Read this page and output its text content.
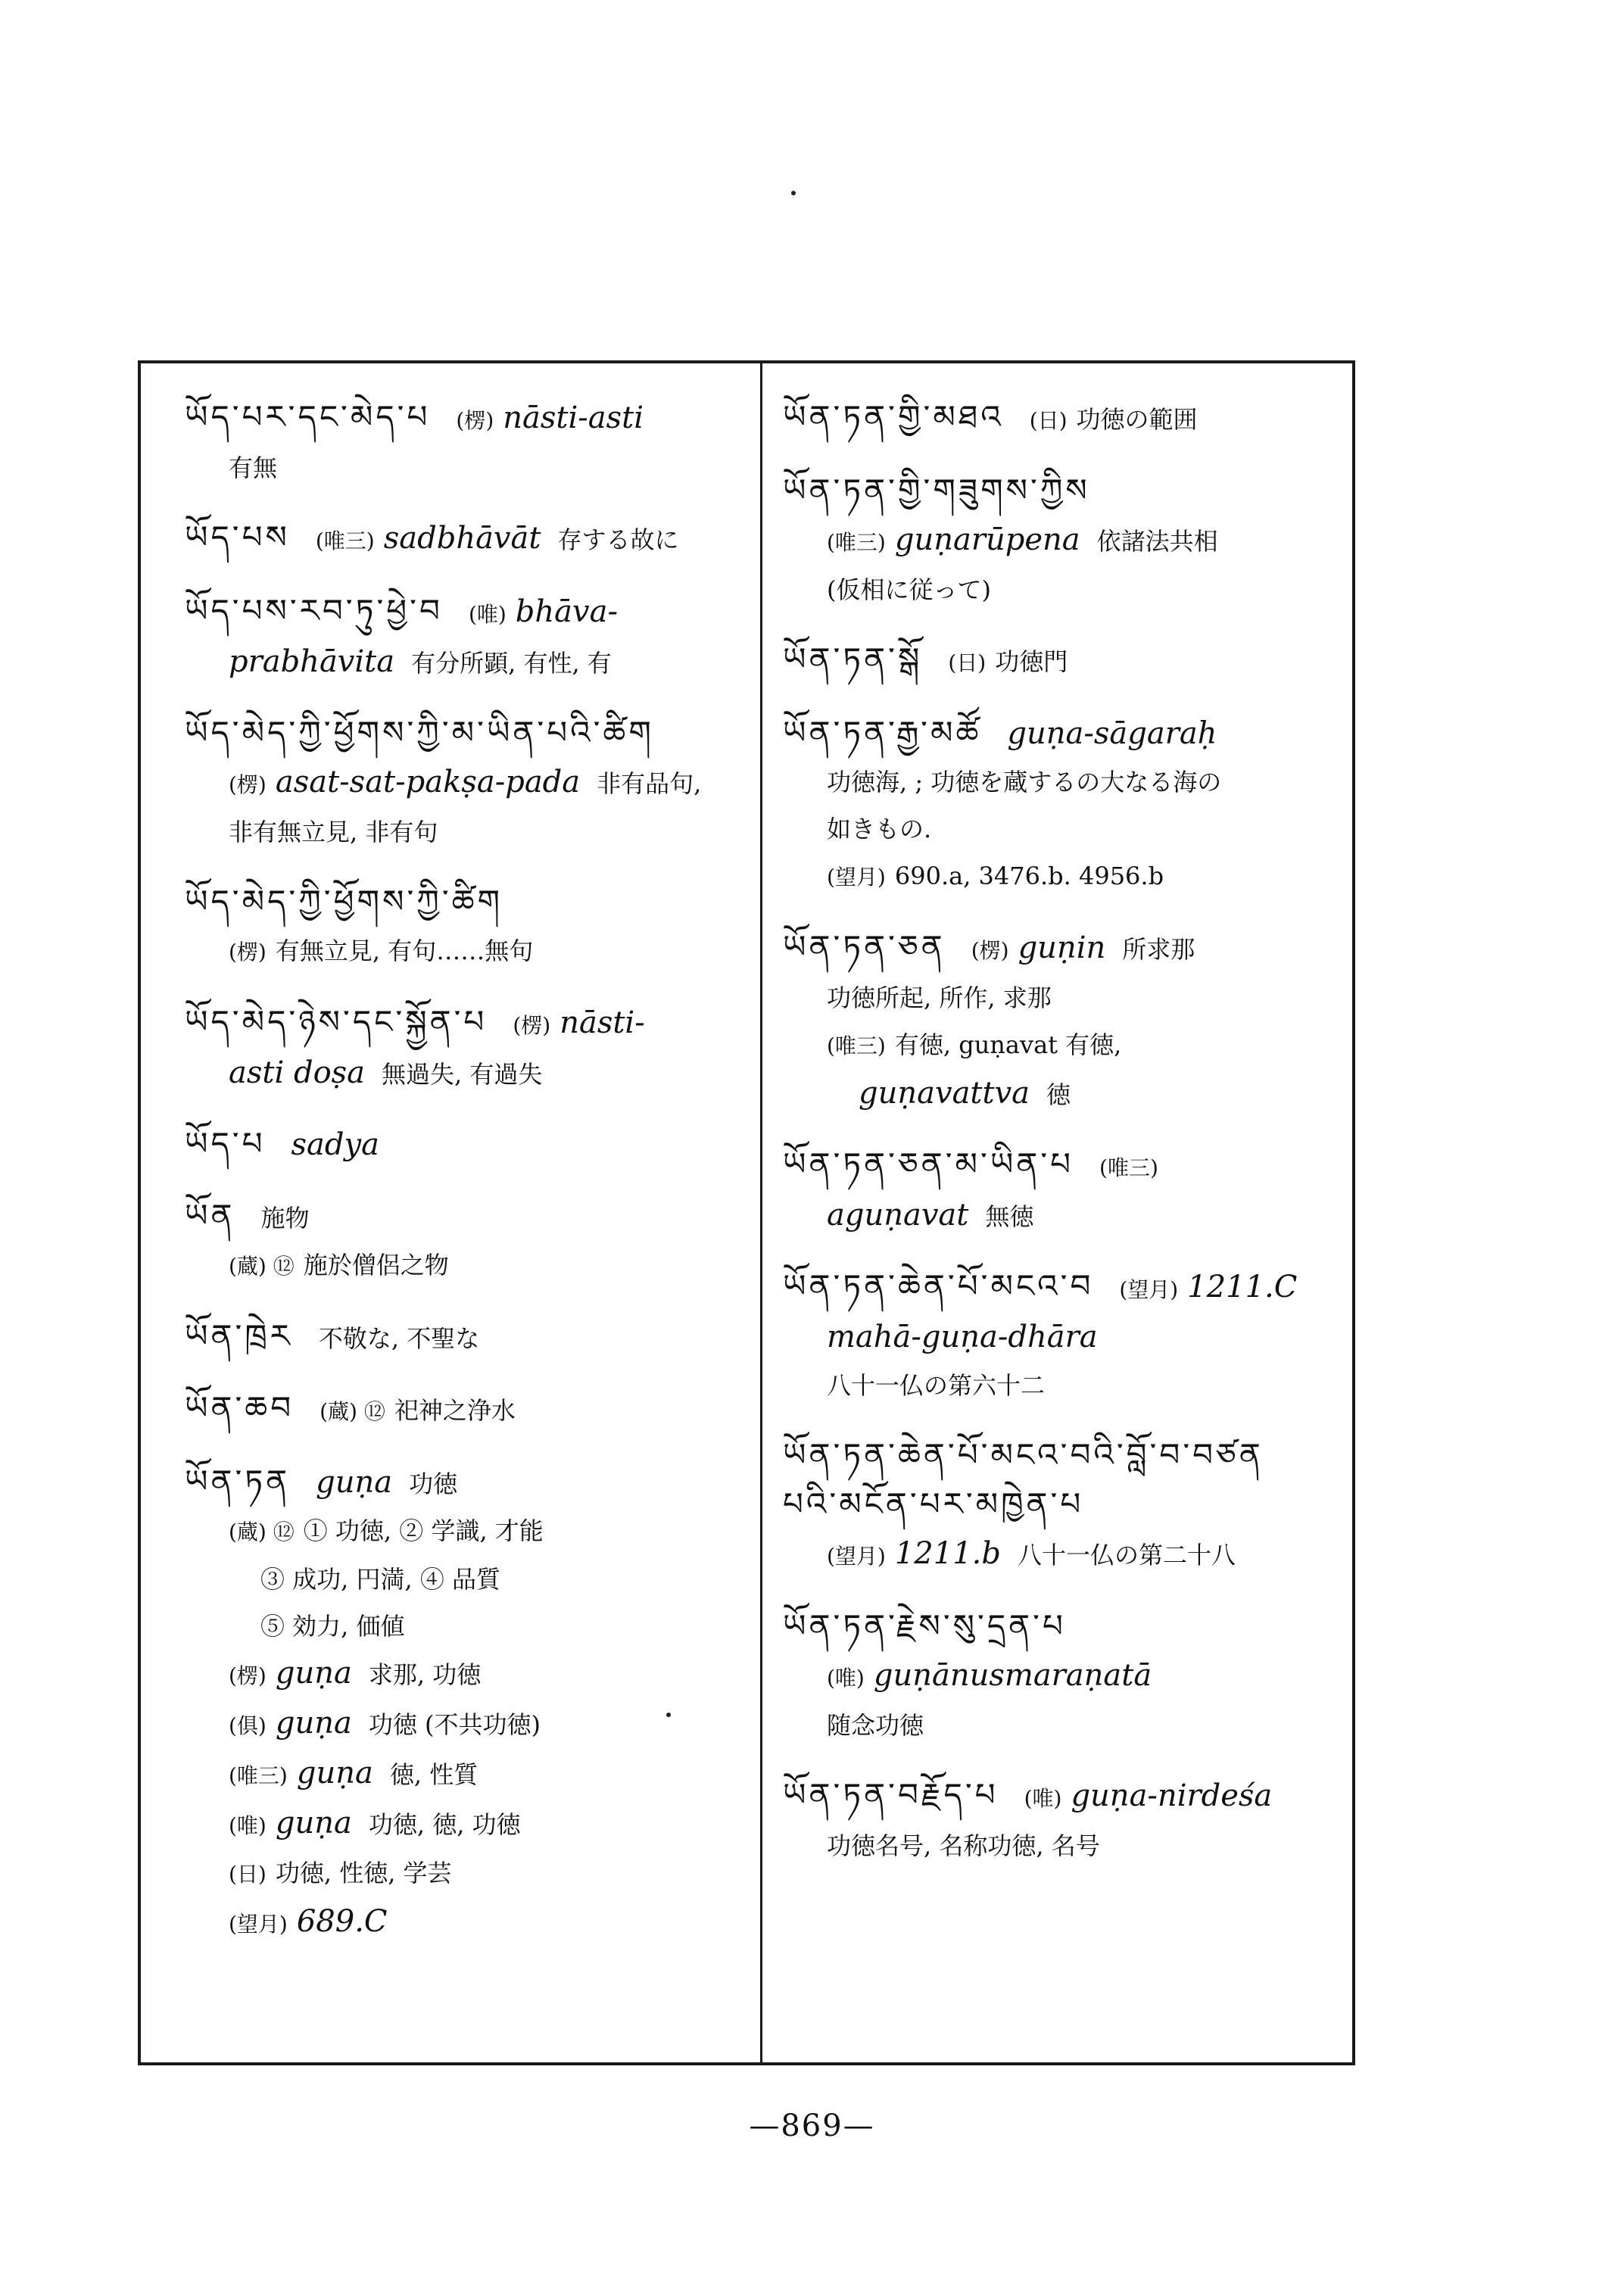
ཡོད་པར་དང་མེད་པ (楞) nāsti-asti
有無
ཡོད་པས (唯三) sadbhāvāt 存する故に
ཡོད་པས་རབ་ཏུ་ཕྱེ་བ (唯) bhāva-
prabhāvita 有分所顕, 有性, 有
ཡོད་མེད་ཀྱི་ཕྱོགས་ཀྱི་མ་ཡིན་པའི་ཚིག
(楞) asat-sat-pakṣa-pada 非有品句,
非有無立見, 非有句
ཡོད་མེད་ཀྱི་ཕྱོགས་ཀྱི་ཚིག
(楞) 有無立見, 有句……無句
ཡོད་མེད་ཉེས་དང་སྐྱོན་པ (楞) nāsti-
asti doṣa 無過失, 有過失
ཡོད་པ sadya
ཡོན 施物
(蔵) ⑫ 施於僧侶之物
ཡོན་ཁྲེར 不敬な, 不聖な
ཡོན་ཆབ (蔵) ⑫ 祀神之浄水
ཡོན་ཏན guṇa 功徳
(蔵) ⑫ ① 功徳, ② 学識, 才能
③ 成功, 円満, ④ 品質
⑤ 効力, 価値
(楞) guṇa 求那, 功徳
(俱) guṇa 功徳 (不共功徳)
(唯三) guṇa 徳, 性質
(唯) guṇa 功徳, 徳, 功徳
(日) 功徳, 性徳, 学芸
(望月) 689.C
ཡོན་ཏན་གྱི་མཐའ (日) 功徳の範囲
ཡོན་ཏན་གྱི་གཟུགས་ཀྱིས
(唯三) guṇarūpena 依諸法共相
(仮相に従って)
ཡོན་ཏན་སྒོ (日) 功徳門
ཡོན་ཏན་རྒྱ་མཚོ guṇa-sāgaraḥ
功徳海, ; 功徳を蔵するの大なる海の
如きもの.
(望月) 690.a, 3476.b. 4956.b
ཡོན་ཏན་ཅན (楞) guṇin 所求那
功徳所起, 所作, 求那
(唯三) 有徳, guṇavat 有徳,
guṇavattva 徳
ཡོན་ཏན་ཅན་མ་ཡིན་པ (唯三)
aguṇavat 無徳
ཡོན་ཏན་ཆེན་པོ་མངའ་བ (望月) 1211.C
mahā-guṇa-dhāra
八十一仏の第六十二
ཡོན་ཏན་ཆེན་པོ་མངའ་བའི་བློ་བ་བཙན
པའི་མངོན་པར་མཁྱེན་པ
(望月) 1211.b 八十一仏の第二十八
ཡོན་ཏན་རྗེས་སུ་དྲན་པ
(唯) guṇānusmaraṇatā
随念功徳
ཡོན་ཏན་བརྗོད་པ (唯) guṇa-nirdeśa
功徳名号, 名称功徳, 名号
—869—
